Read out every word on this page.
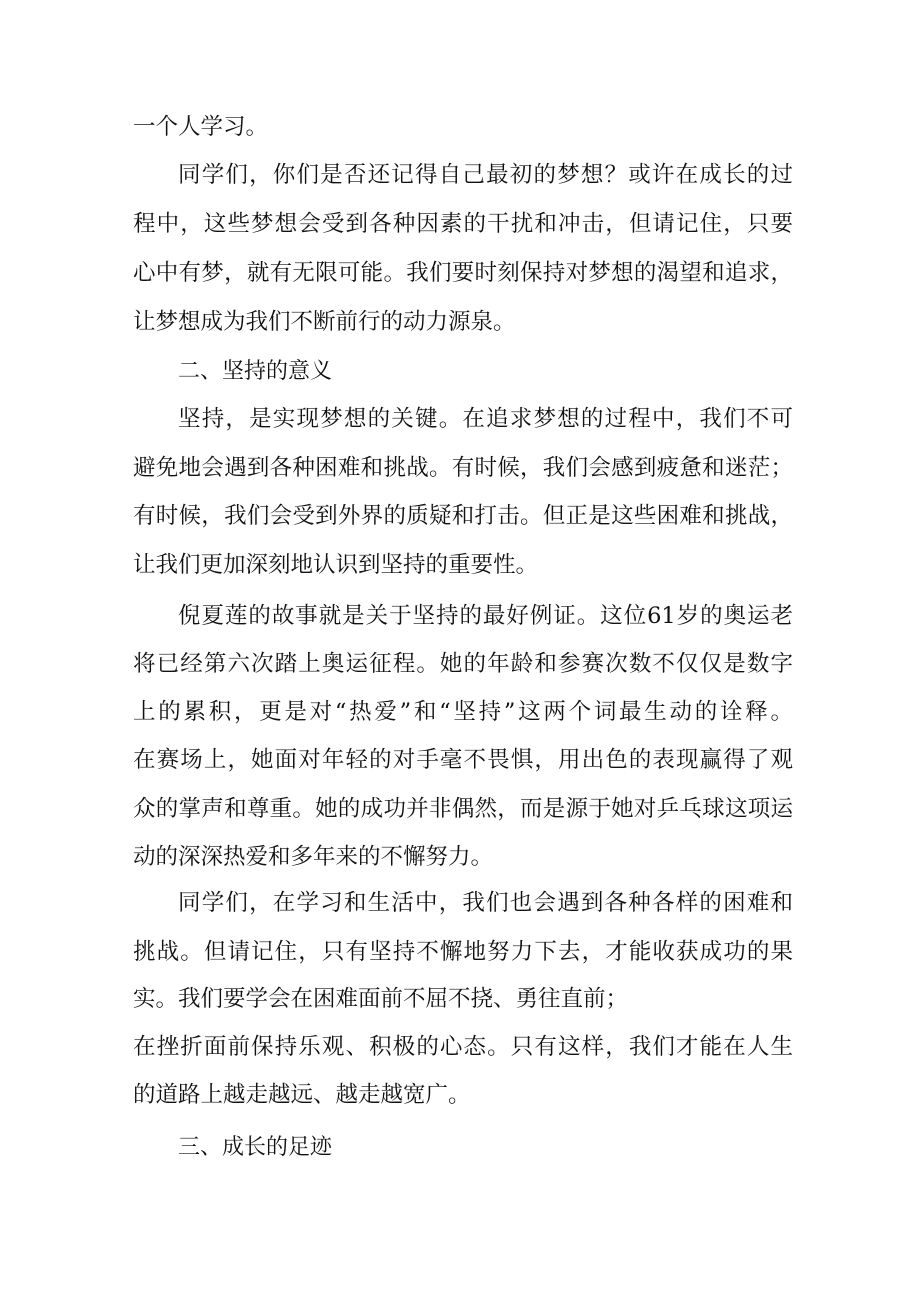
一个人学习。
同学们，你们是否还记得自己最初的梦想？或许在成长的过
程中，这些梦想会受到各种因素的干扰和冲击，但请记住，只要
心中有梦，就有无限可能。我们要时刻保持对梦想的渴望和追求，
让梦想成为我们不断前行的动力源泉。
二、坚持的意义
坚持，是实现梦想的关键。在追求梦想的过程中，我们不可
避免地会遇到各种困难和挑战。有时候，我们会感到疲惫和迷茫；
有时候，我们会受到外界的质疑和打击。但正是这些困难和挑战，
让我们更加深刻地认识到坚持的重要性。
倪夏莲的故事就是关于坚持的最好例证。这位61岁的奥运老
将已经第六次踏上奥运征程。她的年龄和参赛次数不仅仅是数字
上的累积，更是对“热爱”和“坚持”这两个词最生动的诠释。
在赛场上，她面对年轻的对手毫不畏惧，用出色的表现赢得了观
众的掌声和尊重。她的成功并非偶然，而是源于她对乒乓球这项运
动的深深热爱和多年来的不懈努力。
同学们，在学习和生活中，我们也会遇到各种各样的困难和
挑战。但请记住，只有坚持不懈地努力下去，才能收获成功的果
实。我们要学会在困难面前不屈不挠、勇往直前；
在挫折面前保持乐观、积极的心态。只有这样，我们才能在人生
的道路上越走越远、越走越宽广。
三、成长的足迹
